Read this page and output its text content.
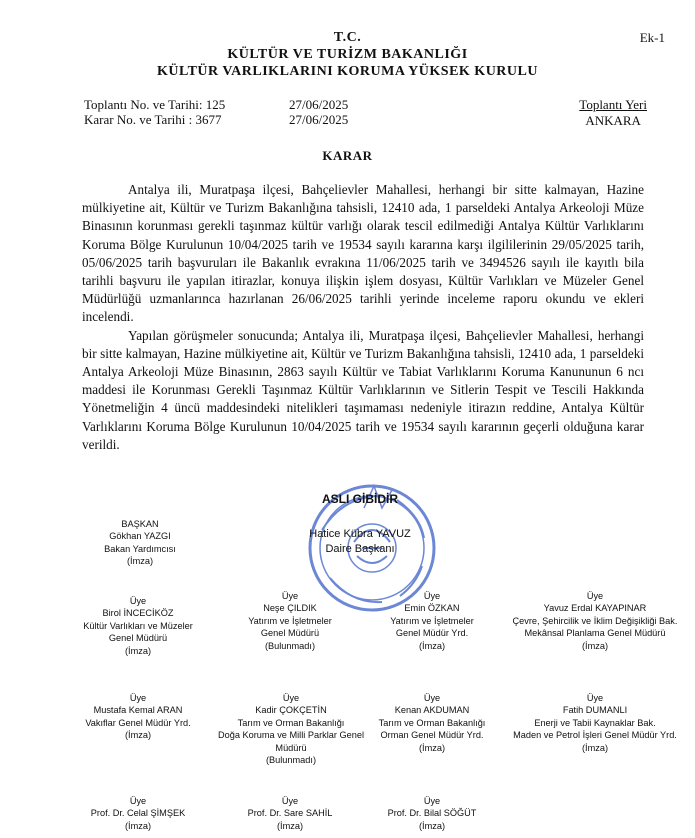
Ek-1
T.C.
KÜLTÜR VE TURİZM BAKANLIĞI
KÜLTÜR VARLIKLARINI KORUMA YÜKSEK KURULU
Toplantı No. ve Tarihi: 125	27/06/2025
Karar No. ve Tarihi : 3677	27/06/2025
Toplantı Yeri
ANKARA
KARAR

Antalya ili, Muratpaşa ilçesi, Bahçelievler Mahallesi, herhangi bir sitte kalmayan, Hazine mülkiyetine ait, Kültür ve Turizm Bakanlığına tahsisli, 12410 ada, 1 parseldeki Antalya Arkeoloji Müze Binasının korunması gerekli taşınmaz kültür varlığı olarak tescil edilmediği Antalya Kültür Varlıklarını Koruma Bölge Kurulunun 10/04/2025 tarih ve 19534 sayılı kararına karşı ilgililerinin 29/05/2025 tarih, 05/06/2025 tarih başvuruları ile Bakanlık evrakına 11/06/2025 tarih ve 3494526 sayılı ile kayıtlı bila tarihli başvuru ile yapılan itirazlar, konuya ilişkin işlem dosyası, Kültür Varlıkları ve Müzeler Genel Müdürlüğü uzmanlarınca hazırlanan 26/06/2025 tarihli yerinde inceleme raporu okundu ve ekleri incelendi.

Yapılan görüşmeler sonucunda; Antalya ili, Muratpaşa ilçesi, Bahçelievler Mahallesi, herhangi bir sitte kalmayan, Hazine mülkiyetine ait, Kültür ve Turizm Bakanlığına tahsisli, 12410 ada, 1 parseldeki Antalya Arkeoloji Müze Binasının, 2863 sayılı Kültür ve Tabiat Varlıklarını Koruma Kanununun 6 ncı maddesi ile Korunması Gerekli Taşınmaz Kültür Varlıklarının ve Sitlerin Tespit ve Tescili Hakkında Yönetmeliğin 4 üncü maddesindeki nitelikleri taşımaması nedeniyle itirazın reddine, Antalya Kültür Varlıklarını Koruma Bölge Kurulunun 10/04/2025 tarih ve 19534 sayılı kararının geçerli olduğuna karar verildi.

ASLI GİBİDİR
Hatice Kübra YAVUZ
Daire Başkanı
BAŞKAN
Gökhan YAZGI
Bakan Yardımcısı
(İmza)
Üye
Birol İNCECİKÖZ
Kültür Varlıkları ve Müzeler
Genel Müdürü
(İmza)
Üye
Neşe ÇILDIK
Yatırım ve İşletmeler
Genel Müdürü
(Bulunmadı)
Üye
Emin ÖZKAN
Yatırım ve İşletmeler
Genel Müdür Yrd.
(İmza)
Üye
Yavuz Erdal KAYAPINAR
Çevre, Şehircilik ve İklim Değişikliği Bak.
Mekânsal Planlama Genel Müdürü
(İmza)
Üye
Mustafa Kemal ARAN
Vakıflar Genel Müdür Yrd.
(İmza)
Üye
Kadir ÇOKÇETİN
Tarım ve Orman Bakanlığı
Doğa Koruma ve Milli Parklar Genel
Müdürü
(Bulunmadı)
Üye
Kenan AKDUMAN
Tarım ve Orman Bakanlığı
Orman Genel Müdür Yrd.
(İmza)
Üye
Fatih DUMANLI
Enerji ve Tabii Kaynaklar Bak.
Maden ve Petrol İşleri Genel Müdür Yrd.
(İmza)
Üye
Prof. Dr. Celal ŞİMŞEK
(İmza)
Üye
Prof. Dr. Sare SAHİL
(İmza)
Üye
Prof. Dr. Bilal SÖĞÜT
(İmza)
